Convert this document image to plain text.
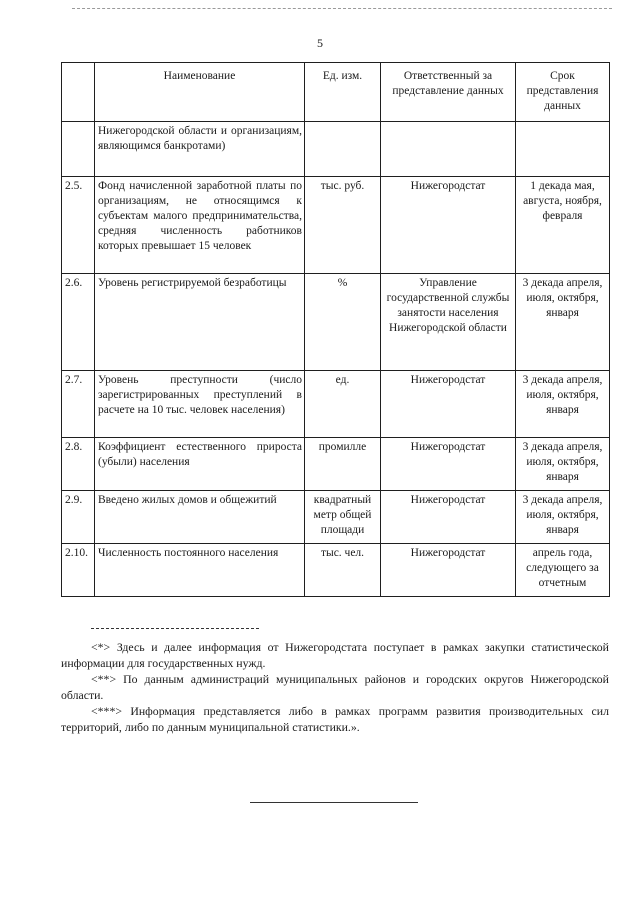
5
	Наименование	Ед. изм.	Ответственный за представление данных	Срок представления данных
	Нижегородской области и организациям, являющимся банкротами)			
2.5.	Фонд начисленной заработной платы по организациям, не относящимся к субъектам малого предпринимательства, средняя численность работников которых превышает 15 человек	тыс. руб.	Нижегородстат	1 декада мая, августа, ноября, февраля
2.6.	Уровень регистрируемой безработицы	%	Управление государственной службы занятости населения Нижегородской области	3 декада апреля, июля, октября, января
2.7.	Уровень преступности (число зарегистрированных преступлений в расчете на 10 тыс. человек населения)	ед.	Нижегородстат	3 декада апреля, июля, октября, января
2.8.	Коэффициент естественного прироста (убыли) населения	промилле	Нижегородстат	3 декада апреля, июля, октября, января
2.9.	Введено жилых домов и общежитий	квадратный метр общей площади	Нижегородстат	3 декада апреля, июля, октября, января
2.10.	Численность постоянного населения	тыс. чел.	Нижегородстат	апрель года, следующего за отчетным

<*> Здесь и далее информация от Нижегородстата поступает в рамках закупки статистической информации для государственных нужд.

<**> По данным администраций муниципальных районов и городских округов Нижегородской области.

<***> Информация представляется либо в рамках программ развития производительных сил территорий, либо по данным муниципальной статистики.».
